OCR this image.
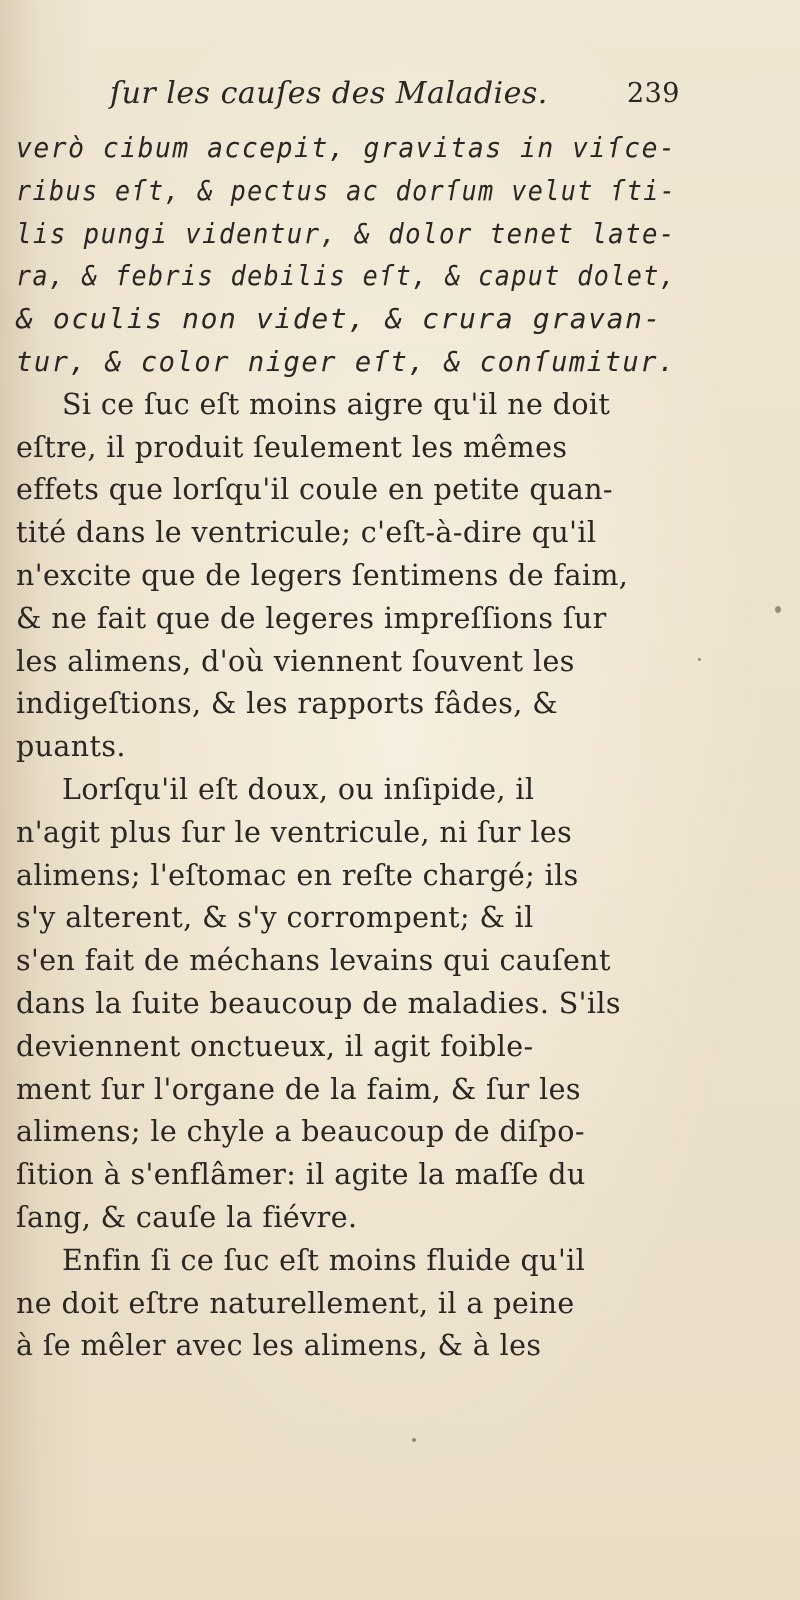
ſur les cauſes des Maladies.	239
verò cibum accepit, gravitas in viſce-
ribus eſt, & pectus ac dorſum velut ſti-
lis pungi videntur, & dolor tenet late-
ra, & febris debilis eſt, & caput dolet,
& oculis non videt, & crura gravan-
tur, & color niger eſt, & conſumitur.
Si ce ſuc eſt moins aigre qu'il ne doit
eſtre, il produit ſeulement les mêmes
effets que lorſqu'il coule en petite quan-
tité dans le ventricule; c'eſt-à-dire qu'il
n'excite que de legers ſentimens de faim,
& ne fait que de legeres impreſſions ſur
les alimens, d'où viennent ſouvent les
indigeſtions, & les rapports fâdes, &
puants.
Lorſqu'il eſt doux, ou inſipide, il
n'agit plus ſur le ventricule, ni ſur les
alimens; l'eſtomac en reſte chargé; ils
s'y alterent, & s'y corrompent; & il
s'en fait de méchans levains qui cauſent
dans la ſuite beaucoup de maladies. S'ils
deviennent onctueux, il agit foible-
ment ſur l'organe de la faim, & ſur les
alimens; le chyle a beaucoup de diſpo-
ſition à s'enflâmer: il agite la maſſe du
ſang, & cauſe la fiévre.
Enfin ſi ce ſuc eſt moins fluide qu'il
ne doit eſtre naturellement, il a peine
à ſe mêler avec les alimens, & à les
